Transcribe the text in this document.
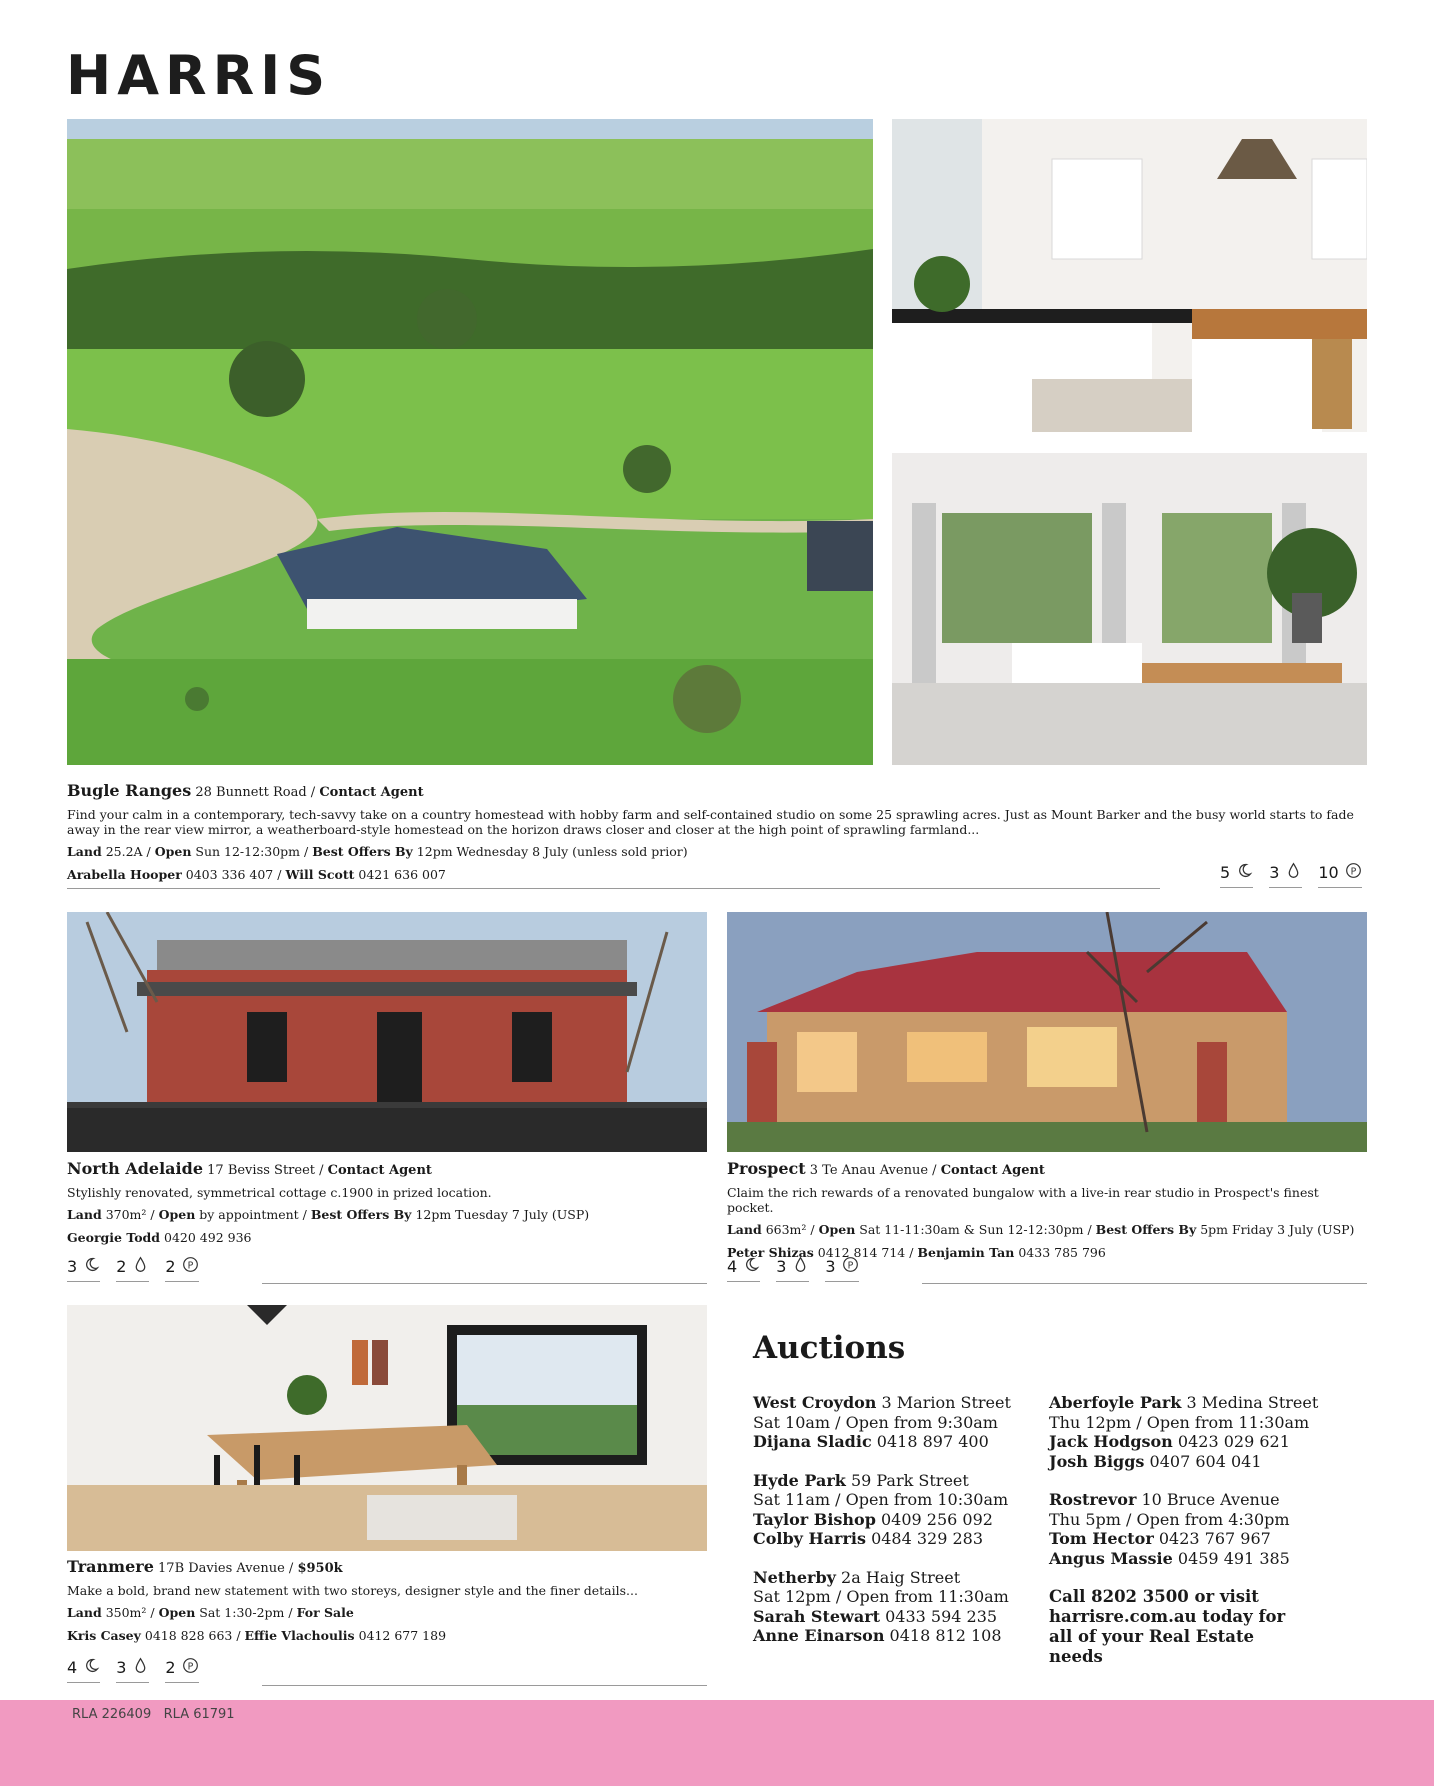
HARRIS
Bugle Ranges 28 Bunnett Road / Contact Agent
Find your calm in a contemporary, tech-savvy take on a country homestead with hobby farm and self-contained studio on some 25 sprawling acres. Just as Mount Barker and the busy world starts to fade away in the rear view mirror, a weatherboard-style homestead on the horizon draws closer and closer at the high point of sprawling farmland...
Land 25.2A / Open Sun 12-12:30pm / Best Offers By 12pm Wednesday 8 July (unless sold prior)
Arabella Hooper 0403 336 407 / Will Scott 0421 636 007	5 3 10 P
North Adelaide 17 Beviss Street / Contact Agent
Stylishly renovated, symmetrical cottage c.1900 in prized location.
Land 370m² / Open by appointment / Best Offers By 12pm Tuesday 7 July (USP)
Georgie Todd 0420 492 936
3 2 2 P
Prospect 3 Te Anau Avenue / Contact Agent
Claim the rich rewards of a renovated bungalow with a live-in rear studio in Prospect's finest pocket.
Land 663m² / Open Sat 11-11:30am & Sun 12-12:30pm / Best Offers By 5pm Friday 3 July (USP)
Peter Shizas 0412 814 714 / Benjamin Tan 0433 785 796
4 3 3 P
Tranmere 17B Davies Avenue / $950k
Make a bold, brand new statement with two storeys, designer style and the finer details...
Land 350m² / Open Sat 1:30-2pm / For Sale
Kris Casey 0418 828 663 / Effie Vlachoulis 0412 677 189
4 3 2 P
Auctions
West Croydon 3 Marion Street
Sat 10am / Open from 9:30am
Dijana Sladic 0418 897 400
Hyde Park 59 Park Street
Sat 11am / Open from 10:30am
Taylor Bishop 0409 256 092
Colby Harris 0484 329 283
Netherby 2a Haig Street
Sat 12pm / Open from 11:30am
Sarah Stewart 0433 594 235
Anne Einarson 0418 812 108
Aberfoyle Park 3 Medina Street
Thu 12pm / Open from 11:30am
Jack Hodgson 0423 029 621
Josh Biggs 0407 604 041
Rostrevor 10 Bruce Avenue
Thu 5pm / Open from 4:30pm
Tom Hector 0423 767 967
Angus Massie 0459 491 385
Call 8202 3500 or visit harrisre.com.au today for all of your Real Estate needs
RLA 226409   RLA 61791
